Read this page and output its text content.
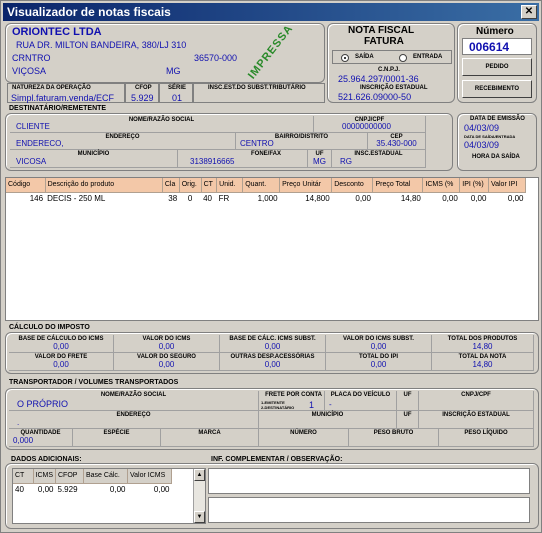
Visualizador de notas fiscais	✕
ORIONTEC LTDA
RUA DR. MILTON BANDEIRA, 380/LJ 310
CRNTRO	36570-000
VIÇOSA	MG	IMPRESSA
NATUREZA DA OPERAÇÃO
Simpl.faturam.venda/ECF
CFOP
5.929
SÉRIE
01
INSC.EST.DO SUBST.TRIBUTÁRIO
NOTA FISCAL
FATURA
SAÍDA	ENTRADA
C.N.P.J.
25.964.297/0001-36
INSCRIÇÃO ESTADUAL
521.626.09000-50
Número
006614
PEDIDO
RECEBIMENTO
DESTINATÁRIO/REMETENTE
NOME/RAZÃO SOCIAL
CLIENTE
CNPJ/CPF
00000000000
ENDEREÇO
ENDERECO,
BAIRRO/DISTRITO
CENTRO
CEP
35.430-000
MUNICÍPIO
VICOSA
FONE/FAX
3138916665
UF
MG
INSC.ESTADUAL
RG
DATA DE EMISSÃO
04/03/09
DATA DE SAÍDA/ENTRADA
04/03/09
HORA DA SAÍDA
Código	Descrição do produto	Cla	Orig.	CT	Unid.	Quant.	Preço Unitár	Desconto	Preço Total	ICMS (%	IPI (%)	Valor IPI
146	DECIS - 250 ML	38	0	40	FR	1,000	14,800	0,00	14,80	0,00	0,00	0,00
CÁLCULO DO IMPOSTO
BASE DE CÁLCULO DO ICMS
0,00
VALOR DO ICMS
0,00
BASE DE CÁLC. ICMS SUBST.
0,00
VALOR DO ICMS SUBST.
0,00
TOTAL DOS PRODUTOS
14,80
VALOR DO FRETE
0,00
VALOR DO SEGURO
0,00
OUTRAS DESP.ACESSÓRIAS
0,00
TOTAL DO IPI
0,00
TOTAL DA NOTA
14,80
TRANSPORTADOR / VOLUMES TRANSPORTADOS
NOME/RAZÃO SOCIAL
O PRÓPRIO
FRETE POR CONTA
1-EMITENTE
2-DESTINATÁRIO 1
PLACA DO VEÍCULO
-
UF	CNPJ/CPF
ENDEREÇO
.
MUNICÍPIO	UF	INSCRIÇÃO ESTADUAL
QUANTIDADE
0,000
ESPÉCIE	MARCA	NÚMERO	PESO BRUTO	PESO LÍQUIDO
DADOS ADICIONAIS:	INF. COMPLEMENTAR / OBSERVAÇÃO:
CT	ICMS	CFOP	Base Cálc.	Valor ICMS
40	0,00	5.929	0,00	0,00
▲
▼
